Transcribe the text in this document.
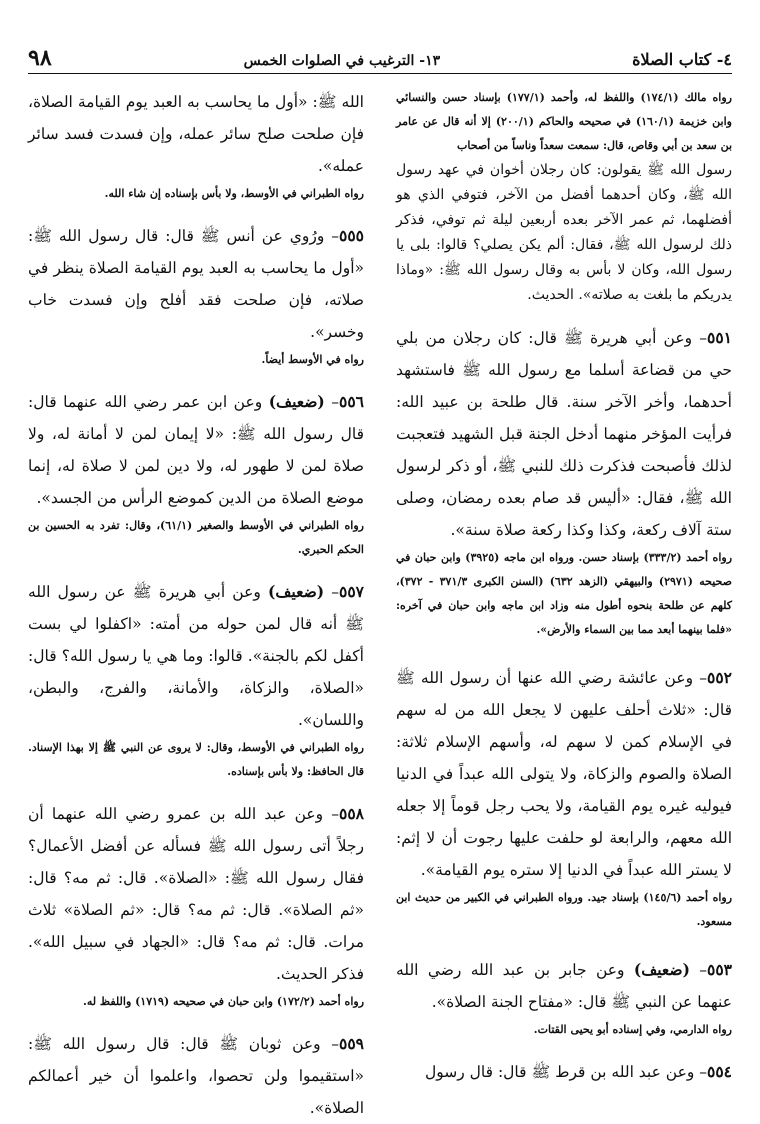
٤- كتاب الصلاة
١٣- الترغيب في الصلوات الخمس
٩٨

رواه مالك (١٧٤/١) واللفظ له، وأحمد (١٧٧/١) بإسناد حسن والنسائي وابن خزيمة (١٦٠/١) في صحيحه والحاكم (٢٠٠/١) إلا أنه قال عن عامر بن سعد بن أبي وقاص، قال: سمعت سعداً وناساً من أصحاب

رسول الله ﷺ يقولون: كان رجلان أخوان في عهد رسول الله ﷺ، وكان أحدهما أفضل من الآخر، فتوفي الذي هو أفضلهما، ثم عمر الآخر بعده أربعين ليلة ثم توفي، فذكر ذلك لرسول الله ﷺ، فقال: ألم يكن يصلي؟ قالوا: بلى يا رسول الله، وكان لا بأس به وقال رسول الله ﷺ: «وماذا يدريكم ما بلغت به صلاته». الحديث.

٥٥١– وعن أبي هريرة ﷺ قال: كان رجلان من بلي حي من قضاعة أسلما مع رسول الله ﷺ فاستشهد أحدهما، وأخر الآخر سنة. قال طلحة بن عبيد الله: فرأيت المؤخر منهما أدخل الجنة قبل الشهيد فتعجبت لذلك فأصبحت فذكرت ذلك للنبي ﷺ، أو ذكر لرسول الله ﷺ، فقال: «أليس قد صام بعده رمضان، وصلى ستة آلاف ركعة، وكذا وكذا ركعة صلاة سنة».

رواه أحمد (٣٣٣/٢) بإسناد حسن. ورواه ابن ماجه (٣٩٢٥) وابن حبان في صحيحه (٢٩٧١) والبيهقي (الزهد ٦٣٢) (السنن الكبرى ٣٧١/٣ - ٣٧٢)، كلهم عن طلحة بنحوه أطول منه وزاد ابن ماجه وابن حبان في آخره: «فلما بينهما أبعد مما بين السماء والأرض».

٥٥٢– وعن عائشة رضي الله عنها أن رسول الله ﷺ قال: «ثلاث أحلف عليهن لا يجعل الله من له سهم في الإسلام كمن لا سهم له، وأسهم الإسلام ثلاثة: الصلاة والصوم والزكاة، ولا يتولى الله عبداً في الدنيا فيوليه غيره يوم القيامة، ولا يحب رجل قوماً إلا جعله الله معهم، والرابعة لو حلفت عليها رجوت أن لا إثم: لا يستر الله عبداً في الدنيا إلا ستره يوم القيامة».

رواه أحمد (١٤٥/٦) بإسناد جيد. ورواه الطبراني في الكبير من حديث ابن مسعود.

٥٥٣– (ضعيف) وعن جابر بن عبد الله رضي الله عنهما عن النبي ﷺ قال: «مفتاح الجنة الصلاة».

رواه الدارمي، وفي إسناده أبو يحيى القتات.

٥٥٤– وعن عبد الله بن قرط ﷺ قال: قال رسول

الله ﷺ: «أول ما يحاسب به العبد يوم القيامة الصلاة، فإن صلحت صلح سائر عمله، وإن فسدت فسد سائر عمله».

رواه الطبراني في الأوسط، ولا بأس بإسناده إن شاء الله.

٥٥٥– ورُوي عن أنس ﷺ قال: قال رسول الله ﷺ: «أول ما يحاسب به العبد يوم القيامة الصلاة ينظر في صلاته، فإن صلحت فقد أفلح وإن فسدت خاب وخسر».

رواه في الأوسط أيضاً.

٥٥٦– (ضعيف) وعن ابن عمر رضي الله عنهما قال: قال رسول الله ﷺ: «لا إيمان لمن لا أمانة له، ولا صلاة لمن لا طهور له، ولا دين لمن لا صلاة له، إنما موضع الصلاة من الدين كموضع الرأس من الجسد».

رواه الطبراني في الأوسط والصغير (٦١/١)، وقال: تفرد به الحسين بن الحكم الحبري.

٥٥٧– (ضعيف) وعن أبي هريرة ﷺ عن رسول الله ﷺ أنه قال لمن حوله من أمته: «اكفلوا لي بست أكفل لكم بالجنة». قالوا: وما هي يا رسول الله؟ قال: «الصلاة، والزكاة، والأمانة، والفرج، والبطن، واللسان».

رواه الطبراني في الأوسط، وقال: لا يروى عن النبي ﷺ إلا بهذا الإسناد. قال الحافظ: ولا بأس بإسناده.

٥٥٨– وعن عبد الله بن عمرو رضي الله عنهما أن رجلاً أتى رسول الله ﷺ فسأله عن أفضل الأعمال؟ فقال رسول الله ﷺ: «الصلاة». قال: ثم مه؟ قال: «ثم الصلاة». قال: ثم مه؟ قال: «ثم الصلاة» ثلاث مرات. قال: ثم مه؟ قال: «الجهاد في سبيل الله». فذكر الحديث.

رواه أحمد (١٧٢/٢) وابن حبان في صحيحه (١٧١٩) واللفظ له.

٥٥٩– وعن ثوبان ﷺ قال: قال رسول الله ﷺ: «استقيموا ولن تحصوا، واعلموا أن خير أعمالكم الصلاة».
